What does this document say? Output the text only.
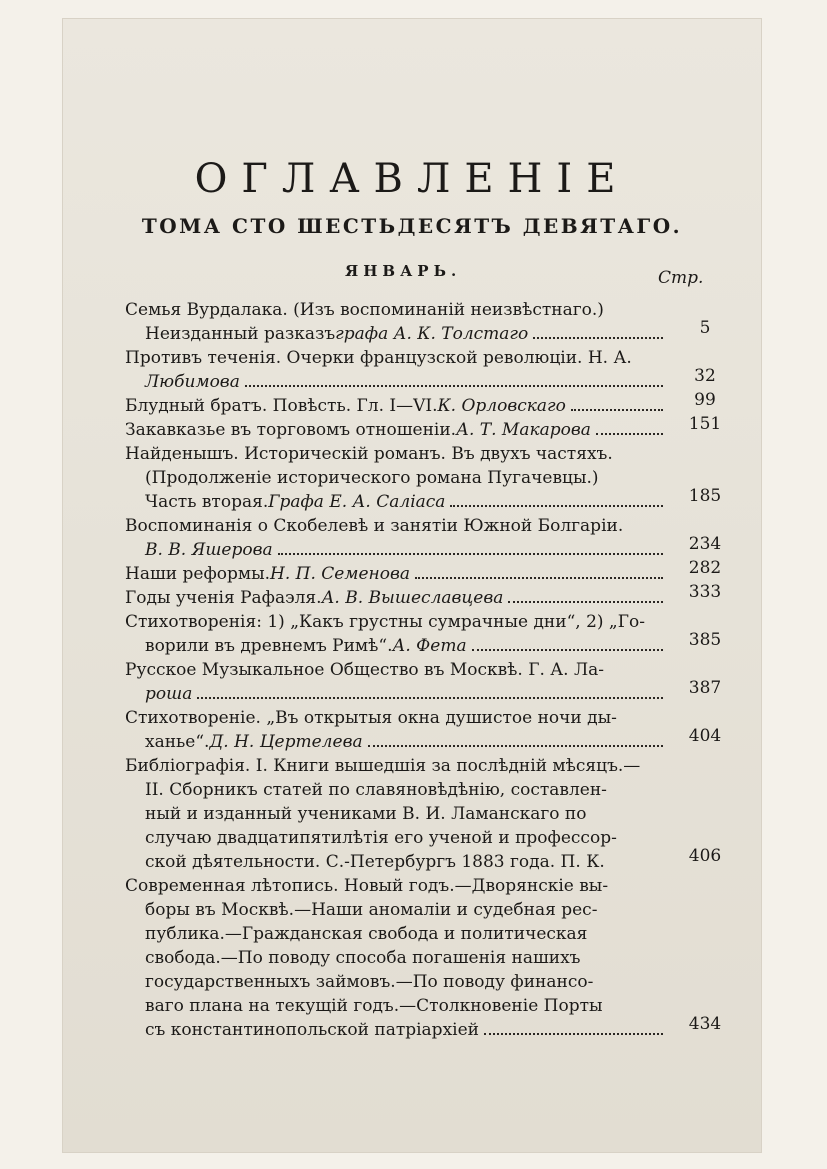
ОГЛАВЛЕНІЕ
ТОМА СТО ШЕСТЬДЕСЯТЪ ДЕВЯТАГО.
ЯНВАРЬ.	Стр.
Семья Вурдалака. (Изъ воспоминаній неизвѣстнаго.)
Неизданный разказъ графа А. К. Толстаго	5
Противъ теченія. Очерки французской революціи. Н. А.
Любимова	32
Блудный братъ. Повѣсть. Гл. I—VI. К. Орловскаго	99
Закавказье въ торговомъ отношеніи. А. Т. Макарова	151
Найденышъ. Историческій романъ. Въ двухъ частяхъ.
(Продолженіе исторического романа Пугачевцы.)
Часть вторая. Графа Е. А. Саліаса	185
Воспоминанія о Скобелевѣ и занятіи Южной Болгаріи.
В. В. Яшерова	234
Наши реформы. Н. П. Семенова	282
Годы ученія Рафаэля. А. В. Вышеславцева	333
Стихотворенія: 1) „Какъ грустны сумрачные дни“, 2) „Го-
ворили въ древнемъ Римѣ“. А. Фета	385
Русское Музыкальное Общество въ Москвѣ. Г. А. Ла-
роша	387
Стихотвореніе. „Въ открытыя окна душистое ночи ды-
ханье“. Д. Н. Цертелева	404
Библіографія. I. Книги вышедшія за послѣдній мѣсяцъ.—
II. Сборникъ статей по славяновѣдѣнію, составлен-
ный и изданный учениками В. И. Ламанскаго по
случаю двадцатипятилѣтія его ученой и профессор-
ской дѣятельности. С.-Петербургъ 1883 года. П. К.	406
Современная лѣтопись. Новый годъ.—Дворянскіе вы-
боры въ Москвѣ.—Наши аномаліи и судебная рес-
публика.—Гражданская свобода и политическая
свобода.—По поводу способа погашенія нашихъ
государственныхъ займовъ.—По поводу финансо-
ваго плана на текущій годъ.—Столкновеніе Порты
съ константинопольской патріархіей	434
